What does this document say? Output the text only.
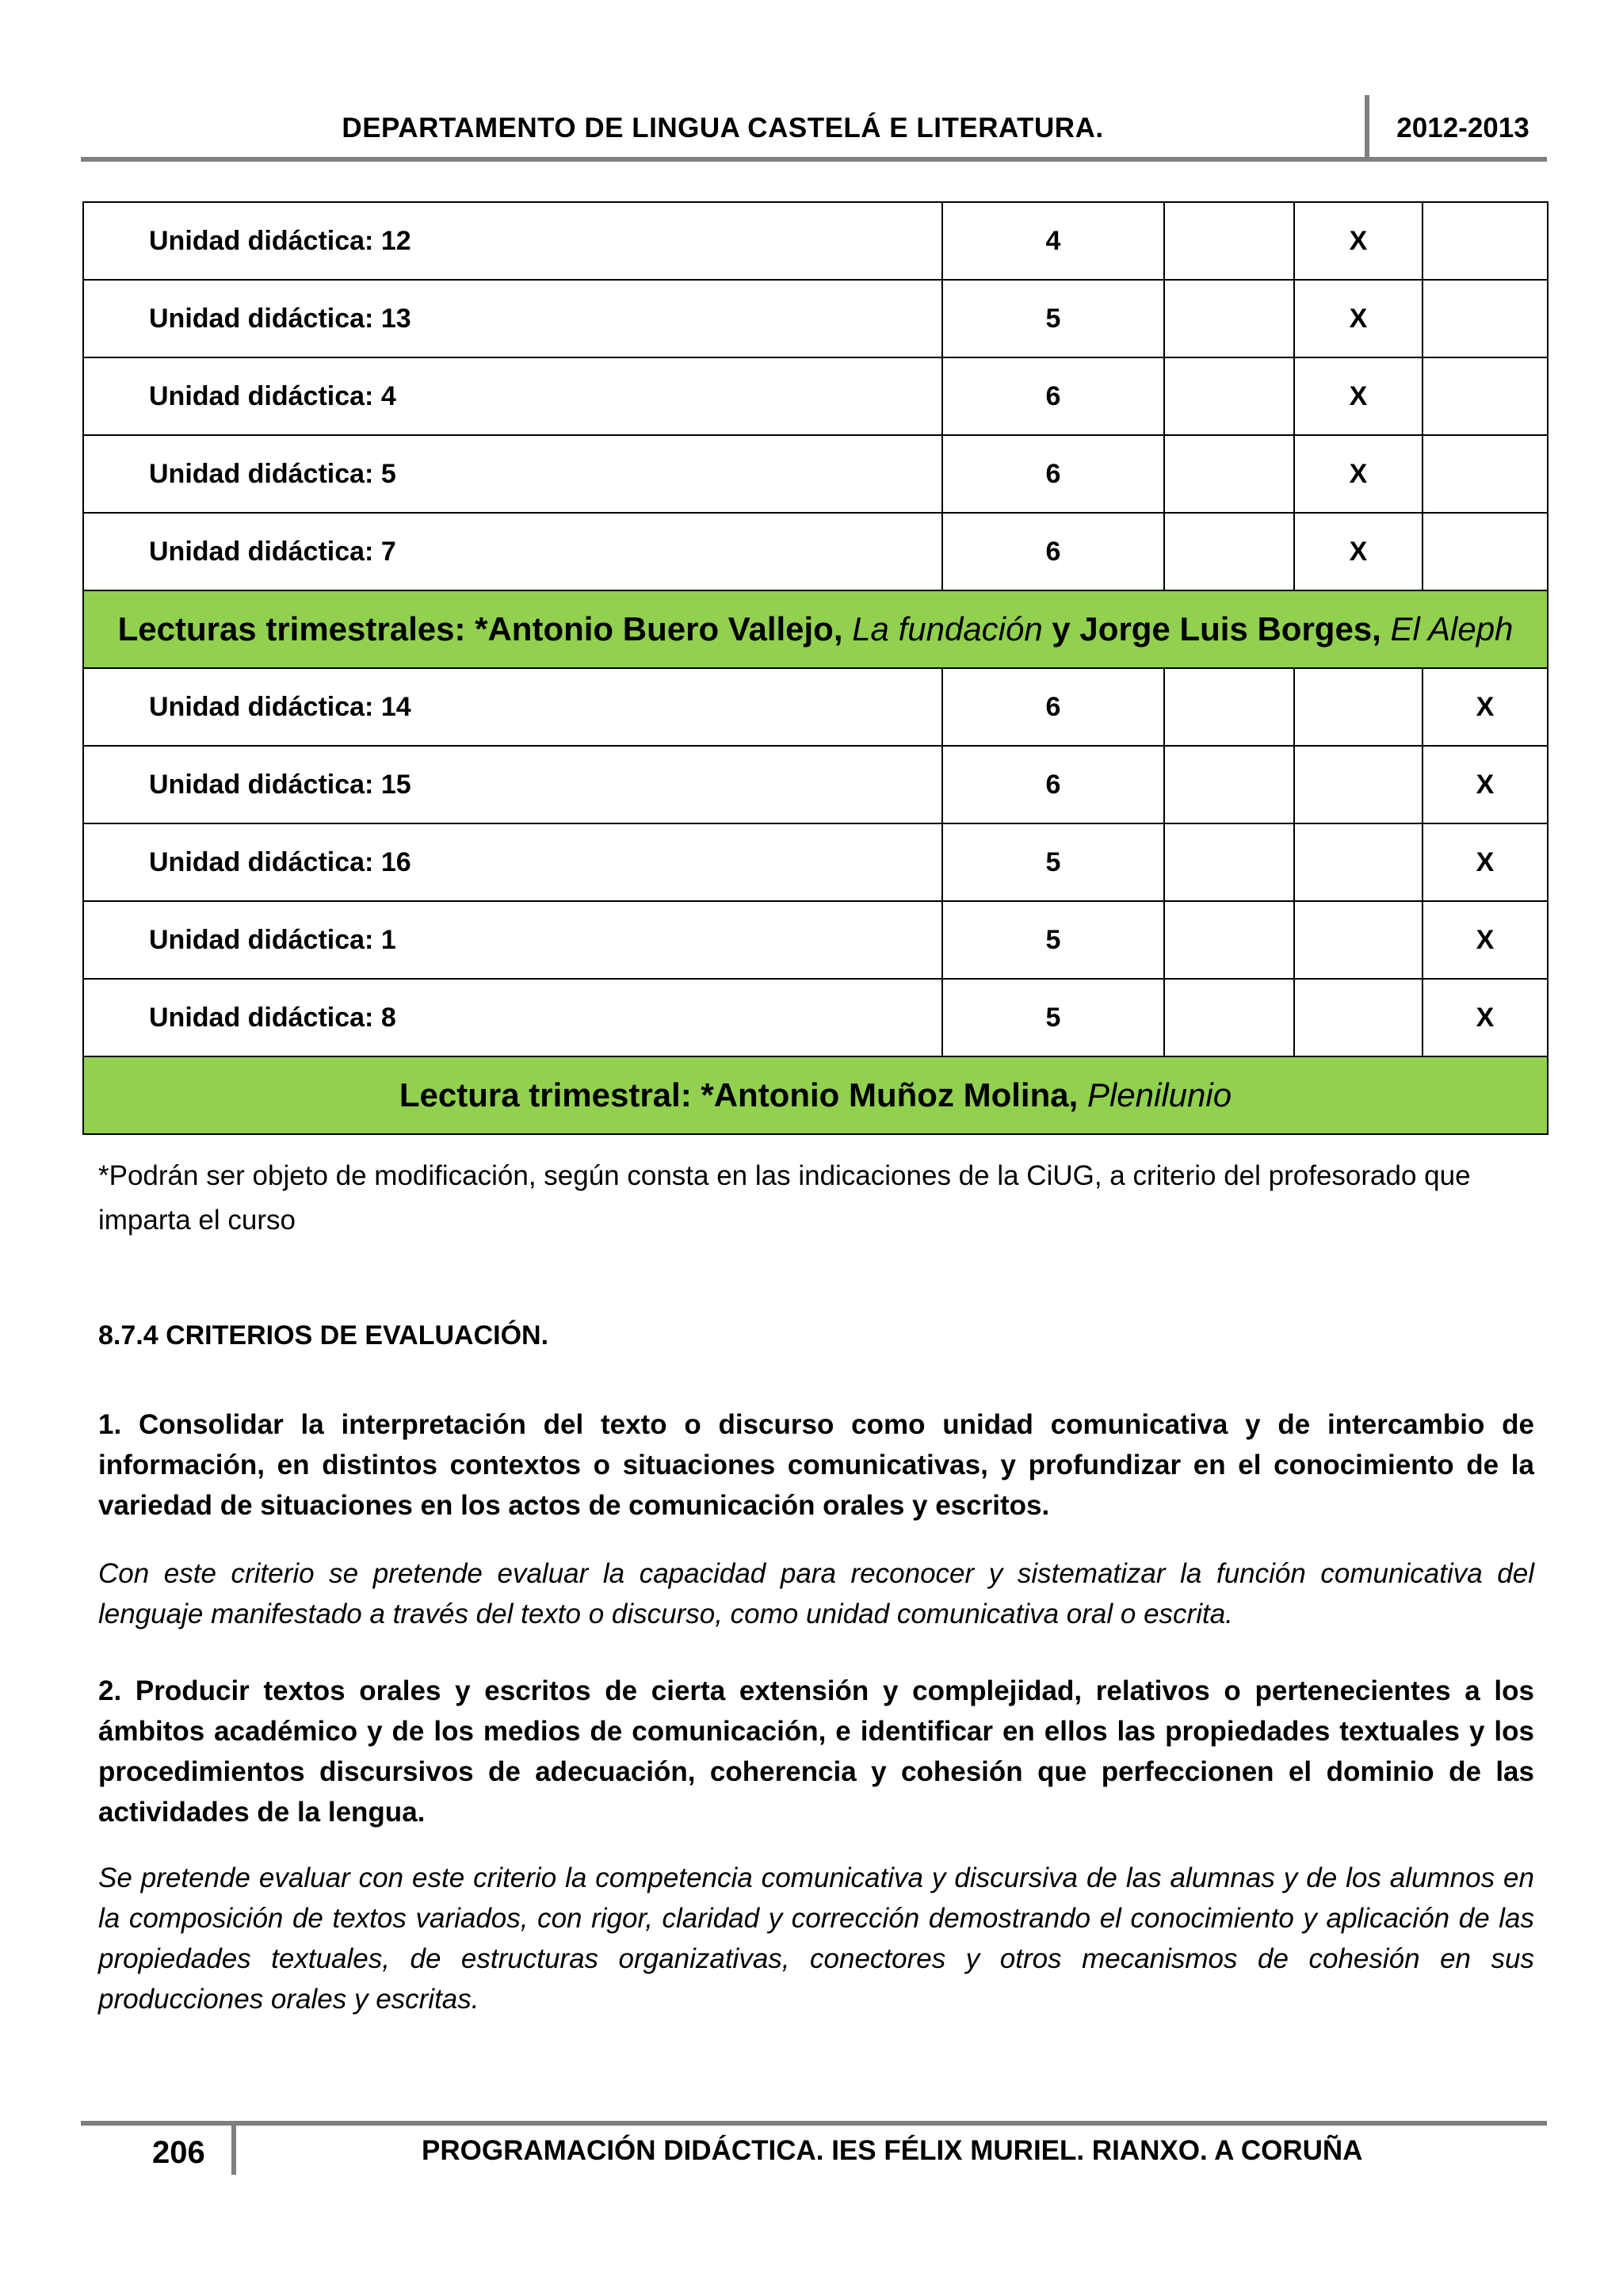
DEPARTAMENTO DE LINGUA CASTELÁ E LITERATURA.	2012-2013
Unidad didáctica: 12	4		X	
Unidad didáctica: 13	5		X	
Unidad didáctica: 4	6		X	
Unidad didáctica: 5	6		X	
Unidad didáctica: 7	6		X	
Lecturas trimestrales: *Antonio Buero Vallejo, La fundación y Jorge Luis Borges, El Aleph				
Unidad didáctica: 14	6			X
Unidad didáctica: 15	6			X
Unidad didáctica: 16	5			X
Unidad didáctica: 1	5			X
Unidad didáctica: 8	5			X
Lectura trimestral: *Antonio Muñoz Molina, Plenilunio				
*Podrán ser objeto de modificación, según consta en las indicaciones de la CiUG, a criterio del profesorado que imparta el curso
8.7.4 CRITERIOS DE EVALUACIÓN.
1. Consolidar la interpretación del texto o discurso como unidad comunicativa y de intercambio de información, en distintos contextos o situaciones comunicativas, y profundizar en el conocimiento de la variedad de situaciones en los actos de comunicación orales y escritos.
Con este criterio se pretende evaluar la capacidad para reconocer y sistematizar la función comunicativa del lenguaje manifestado a través del texto o discurso, como unidad comunicativa oral o escrita.
2. Producir textos orales y escritos de cierta extensión y complejidad, relativos o pertenecientes a los ámbitos académico y de los medios de comunicación, e identificar en ellos las propiedades textuales y los procedimientos discursivos de adecuación, coherencia y cohesión que perfeccionen el dominio de las actividades de la lengua.
Se pretende evaluar con este criterio la competencia comunicativa y discursiva de las alumnas y de los alumnos en la composición de textos variados, con rigor, claridad y corrección demostrando el conocimiento y aplicación de las propiedades textuales, de estructuras organizativas, conectores y otros mecanismos de cohesión en sus producciones orales y escritas.
206	PROGRAMACIÓN DIDÁCTICA. IES FÉLIX MURIEL. RIANXO. A CORUÑA
